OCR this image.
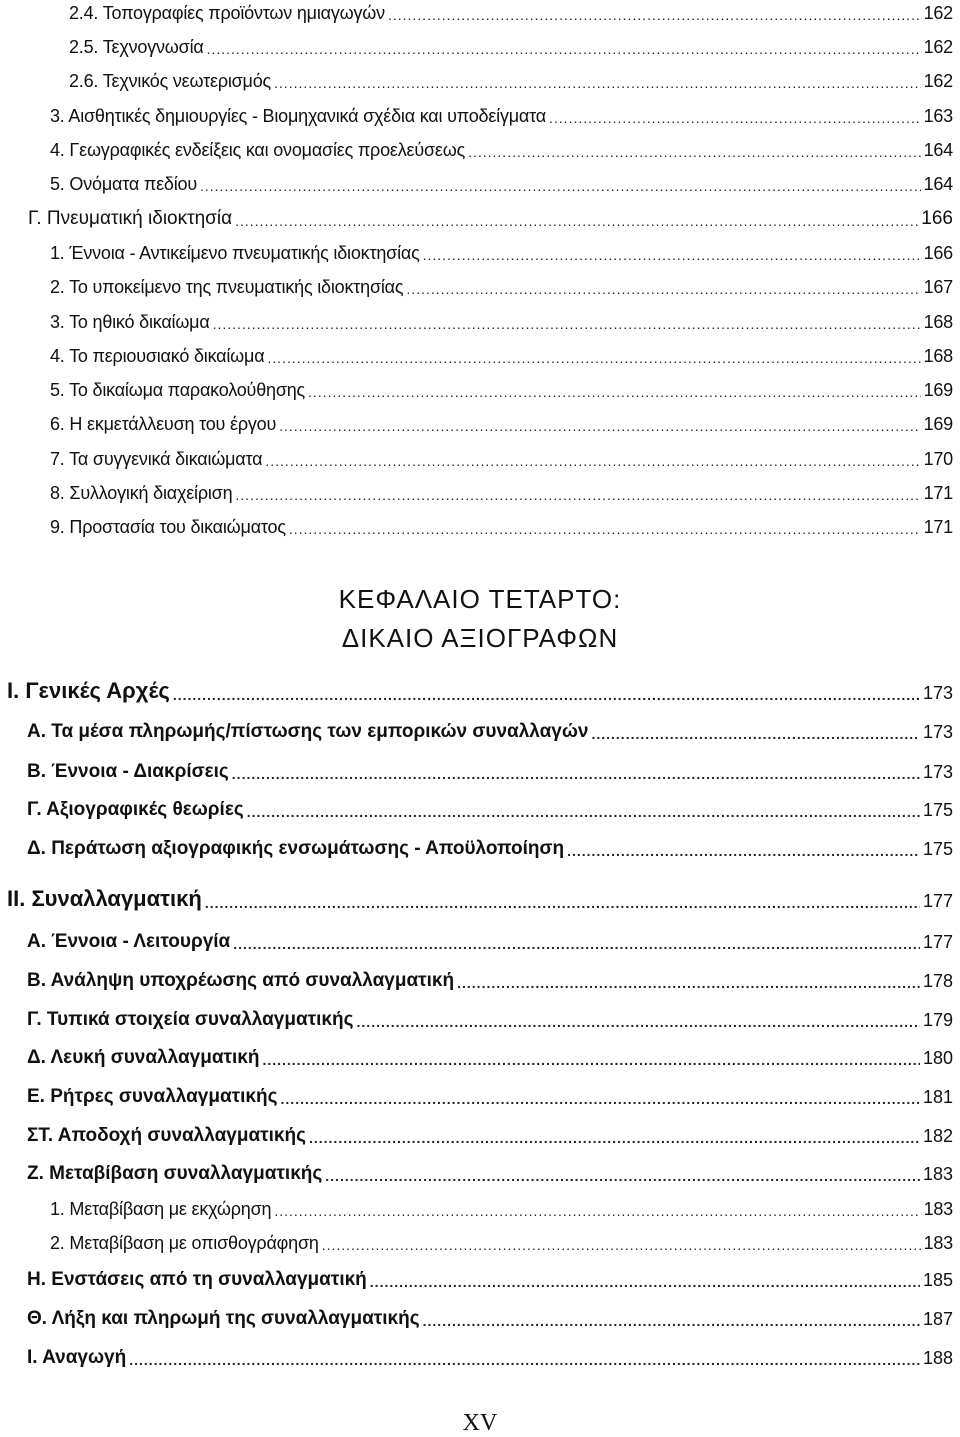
2.4. Τοπογραφίες προϊόντων ημιαγωγών .....	162
2.5. Τεχνογνωσία .....	162
2.6. Τεχνικός νεωτερισμός .....	162
3. Αισθητικές δημιουργίες - Βιομηχανικά σχέδια και υποδείγματα .....	163
4. Γεωγραφικές ενδείξεις και ονομασίες προελεύσεως .....	164
5. Ονόματα πεδίου .....	164
Γ. Πνευματική ιδιοκτησία .....	166
1. Έννοια - Αντικείμενο πνευματικής ιδιοκτησίας .....	166
2. Το υποκείμενο της πνευματικής ιδιοκτησίας .....	167
3. Το ηθικό δικαίωμα .....	168
4. Το περιουσιακό δικαίωμα .....	168
5. Το δικαίωμα παρακολούθησης .....	169
6. Η εκμετάλλευση του έργου .....	169
7. Τα συγγενικά δικαιώματα .....	170
8. Συλλογική διαχείριση .....	171
9. Προστασία του δικαιώματος .....	171
ΚΕΦΑΛΑΙΟ ΤΕΤΑΡΤΟ:
ΔΙΚΑΙΟ ΑΞΙΟΓΡΑΦΩΝ
Ι. Γενικές Αρχές .....	173
Α. Τα μέσα πληρωμής/πίστωσης των εμπορικών συναλλαγών .....	173
Β. Έννοια - Διακρίσεις .....	173
Γ. Αξιογραφικές θεωρίες .....	175
Δ. Περάτωση αξιογραφικής ενσωμάτωσης - Αποϋλοποίηση .....	175
ΙΙ. Συναλλαγματική .....	177
Α. Έννοια - Λειτουργία .....	177
Β. Ανάληψη υποχρέωσης από συναλλαγματική .....	178
Γ. Τυπικά στοιχεία συναλλαγματικής .....	179
Δ. Λευκή συναλλαγματική .....	180
Ε. Ρήτρες συναλλαγματικής .....	181
ΣΤ. Αποδοχή συναλλαγματικής .....	182
Ζ. Μεταβίβαση συναλλαγματικής .....	183
1. Μεταβίβαση με εκχώρηση .....	183
2. Μεταβίβαση με οπισθογράφηση .....	183
Η. Ενστάσεις από τη συναλλαγματική .....	185
Θ. Λήξη και πληρωμή της συναλλαγματικής .....	187
Ι. Αναγωγή .....	188
XV
